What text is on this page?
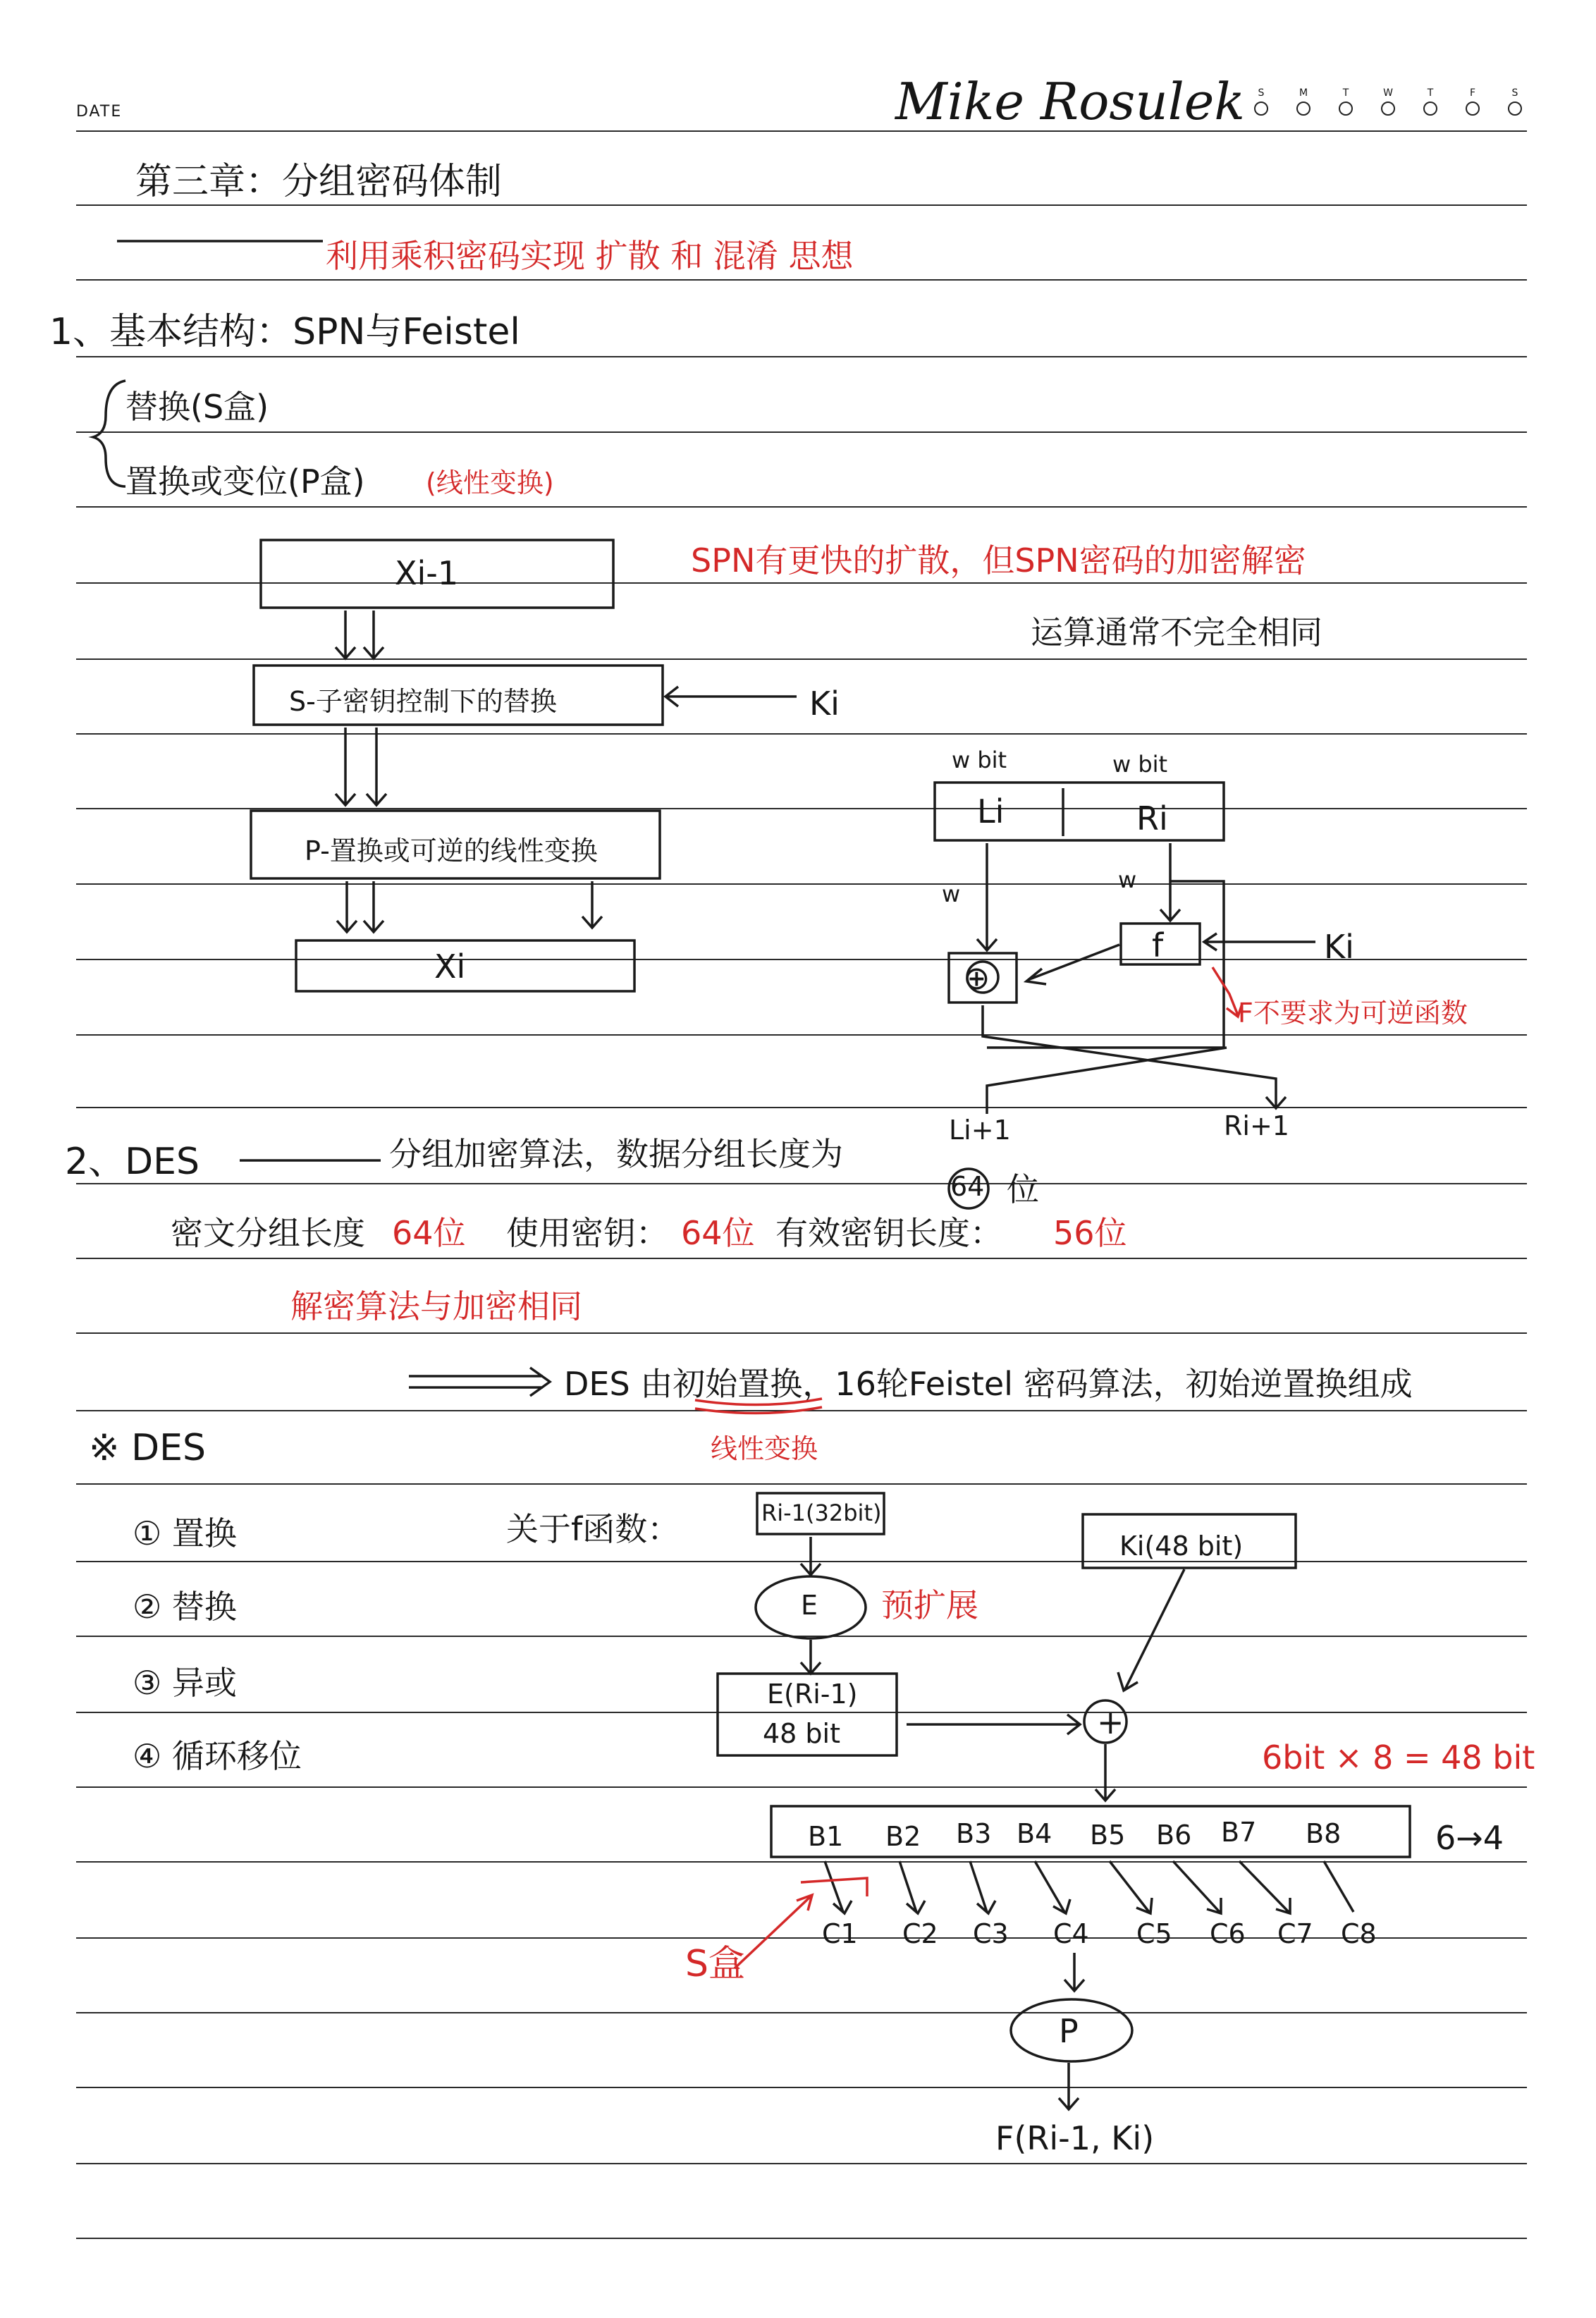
DATE	Mike Rosulek	S	M	T	W	T	F	S
第三章：分组密码体制
利用乘积密码实现 扩散 和 混淆 思想
1、基本结构：SPN与Feistel
替换(S盒)
置换或变位(P盒) (线性变换)
Xi-1
S-子密钥控制下的替换	Ki
P-置换或可逆的线性变换
Xi
SPN有更快的扩散，但SPN密码的加密解密
运算通常不完全相同
w bit	w bit
Li	Ri
w
w
f
⊕
Ki
F不要求为可逆函数
Li+1	Ri+1
2、DES	分组加密算法，数据分组长度为
64 位
密文分组长度 64位 使用密钥： 64位 有效密钥长度： 56位
解密算法与加密相同
DES 由初始置换，16轮Feistel 密码算法，初始逆置换组成
线性变换
※ DES
① 置换
② 替换
③ 异或
④ 循环移位
关于f函数：	Ri-1(32bit)
E 预扩展
E(Ri-1)
48 bit
Ki(48 bit)
+
6bit × 8 = 48 bit
6→4
B1 B2 B3 B4 B5 B6 B7 B8
C1 C2 C3 C4 C5 C6 C7 C8
S盒
P
F(Ri-1, Ki)
